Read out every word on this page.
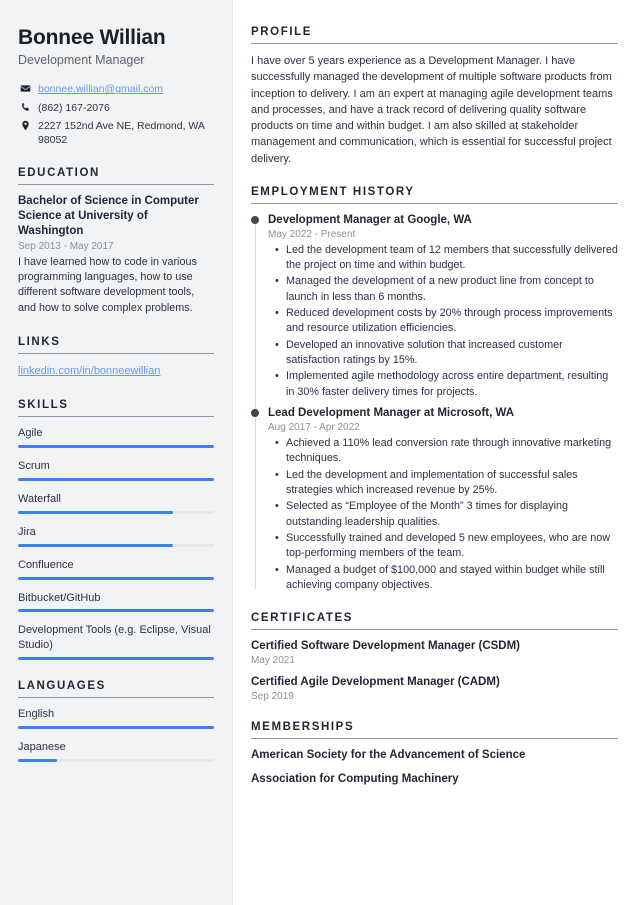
Bonnee Willian
Development Manager
bonnee.willian@gmail.com
(862) 167-2076
2227 152nd Ave NE, Redmond, WA 98052
EDUCATION
Bachelor of Science in Computer Science at University of Washington
Sep 2013 - May 2017
I have learned how to code in various programming languages, how to use different software development tools, and how to solve complex problems.
LINKS
linkedin.com/in/bonneewillian
SKILLS
Agile
Scrum
Waterfall
Jira
Confluence
Bitbucket/GitHub
Development Tools (e.g. Eclipse, Visual Studio)
LANGUAGES
English
Japanese
PROFILE

I have over 5 years experience as a Development Manager. I have successfully managed the development of multiple software products from inception to delivery. I am an expert at managing agile development teams and processes, and have a track record of delivering quality software products on time and within budget. I am also skilled at stakeholder management and communication, which is essential for successful project delivery.

EMPLOYMENT HISTORY
Development Manager at Google, WA
May 2022 - Present
• Led the development team of 12 members that successfully delivered the project on time and within budget.
• Managed the development of a new product line from concept to launch in less than 6 months.
• Reduced development costs by 20% through process improvements and resource utilization efficiencies.
• Developed an innovative solution that increased customer satisfaction ratings by 15%.
• Implemented agile methodology across entire department, resulting in 30% faster delivery times for projects.
Lead Development Manager at Microsoft, WA
Aug 2017 - Apr 2022
• Achieved a 110% lead conversion rate through innovative marketing techniques.
• Led the development and implementation of successful sales strategies which increased revenue by 25%.
• Selected as “Employee of the Month” 3 times for displaying outstanding leadership qualities.
• Successfully trained and developed 5 new employees, who are now top-performing members of the team.
• Managed a budget of $100,000 and stayed within budget while still achieving company objectives.
CERTIFICATES
Certified Software Development Manager (CSDM)
May 2021
Certified Agile Development Manager (CADM)
Sep 2019
MEMBERSHIPS
American Society for the Advancement of Science
Association for Computing Machinery
